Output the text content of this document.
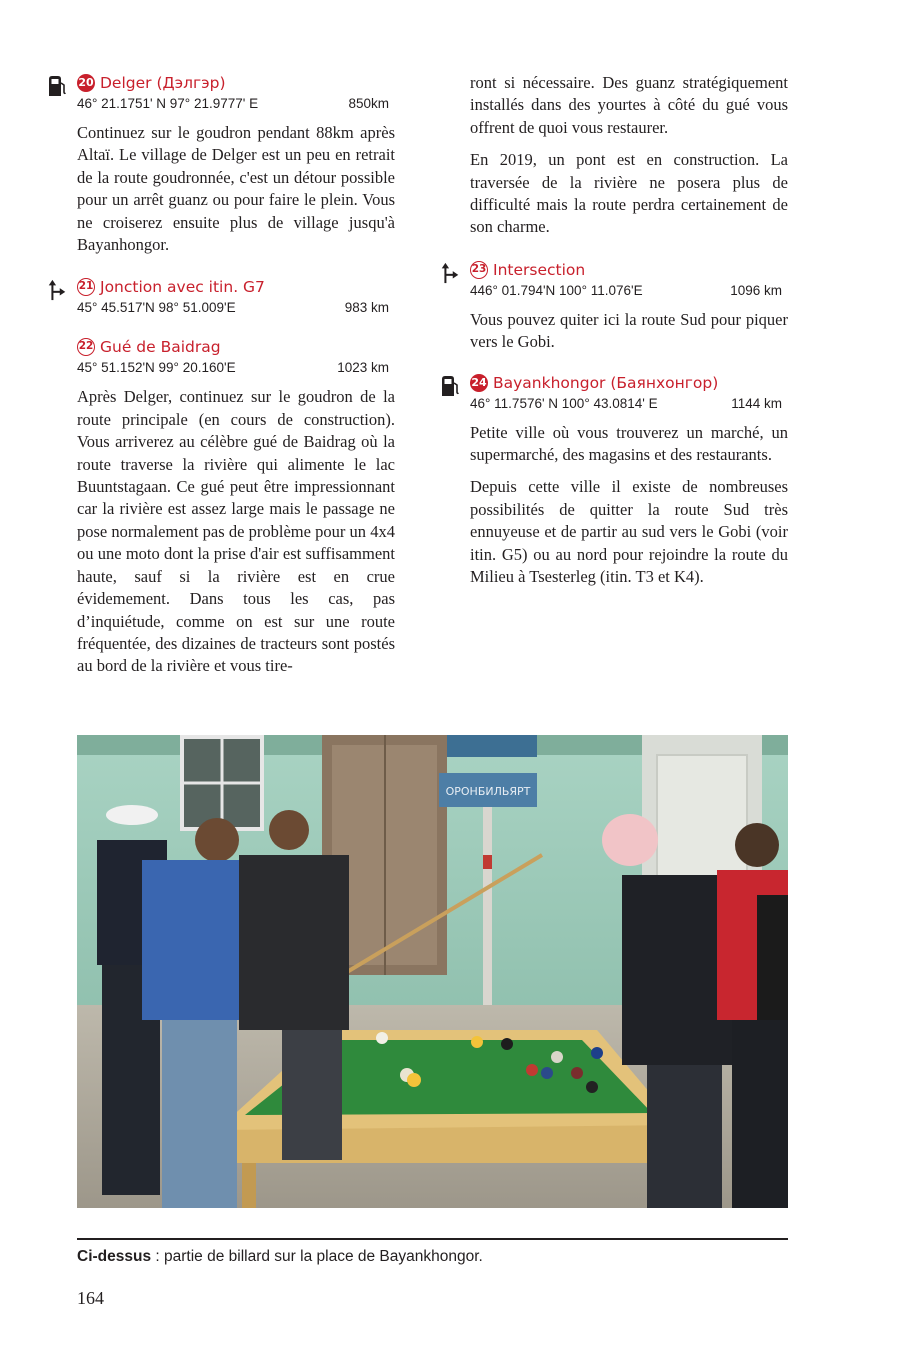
20 Delger (Дэлгэр)
46° 21.1751' N 97° 21.9777' E	850km

Continuez sur le goudron pendant 88km après Altaï. Le village de Delger est un peu en retrait de la route goudronnée, c'est un détour possible pour un arrêt guanz ou pour faire le plein. Vous ne croiserez ensuite plus de village jusqu'à Bayanhongor.

21 Jonction avec itin. G7
45° 45.517'N 98° 51.009'E	983 km
22 Gué de Baidrag
45° 51.152'N 99° 20.160'E	1023 km

Après Delger, continuez sur le goudron de la route principale (en cours de construction). Vous arriverez au célèbre gué de Baidrag où la route traverse la rivière qui alimente le lac Buuntstagaan. Ce gué peut être impressionnant car la rivière est assez large mais le passage ne pose normalement pas de problème pour un 4x4 ou une moto dont la prise d'air est suffisamment haute, sauf si la rivière est en crue évidemement. Dans tous les cas, pas d’inquiétude, comme on est sur une route fréquentée, des dizaines de tracteurs sont postés au bord de la rivière et vous tire-

ront si nécessaire. Des guanz stratégiquement installés dans des yourtes à côté du gué vous offrent de quoi vous restaurer.

En 2019, un pont est en construction. La traversée de la rivière ne posera plus de difficulté mais la route perdra certainement de son charme.

23 Intersection
446° 01.794'N 100° 11.076'E	1096 km

Vous pouvez quiter ici la route Sud pour piquer vers le Gobi.

24 Bayankhongor (Баянхонгор)
46° 11.7576' N 100° 43.0814' E	1144 km

Petite ville où vous trouverez un marché, un supermarché, des magasins et des restaurants.

Depuis cette ville il existe de nombreuses possibilités de quitter la route Sud très ennuyeuse et de partir au sud vers le Gobi (voir itin. G5) ou au nord pour rejoindre la route du Milieu à Tsesterleg (itin. T3 et K4).

ОРОНБИЛЬЯРТ
Ci-dessus : partie de billard sur la place de Bayankhongor.
164
